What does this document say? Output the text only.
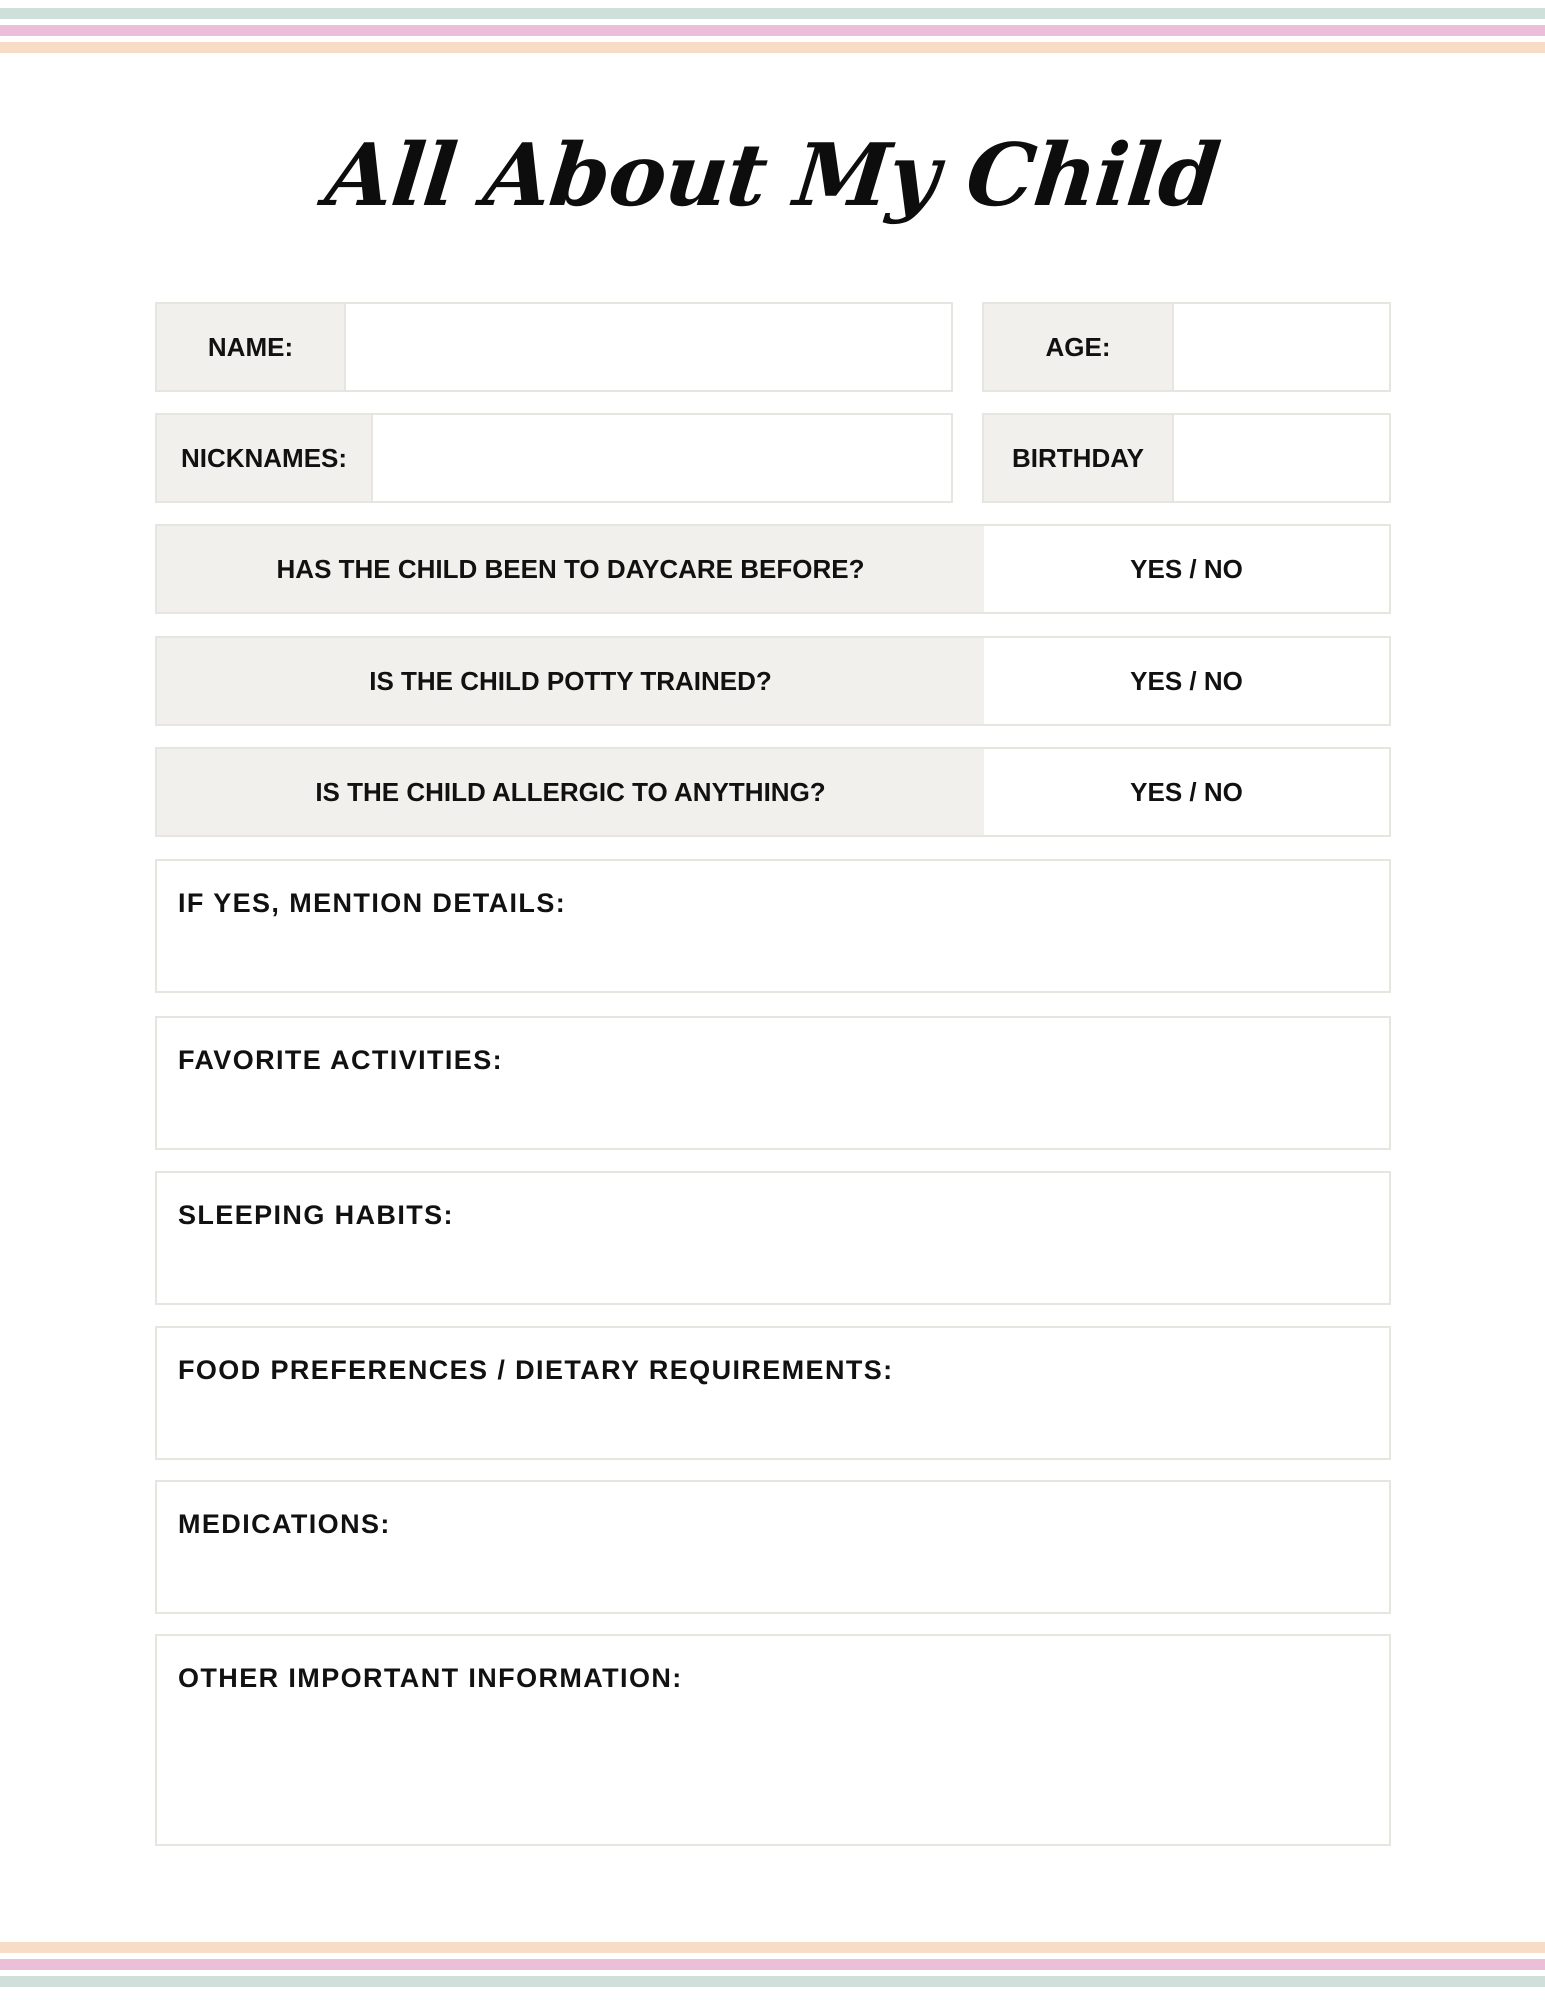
All About My Child
NAME:	AGE:
NICKNAMES:	BIRTHDAY
HAS THE CHILD BEEN TO DAYCARE BEFORE?	YES / NO
IS THE CHILD POTTY TRAINED?	YES / NO
IS THE CHILD ALLERGIC TO ANYTHING?	YES / NO
IF YES, MENTION DETAILS:
FAVORITE ACTIVITIES:
SLEEPING HABITS:
FOOD PREFERENCES / DIETARY REQUIREMENTS:
MEDICATIONS:
OTHER IMPORTANT INFORMATION:
